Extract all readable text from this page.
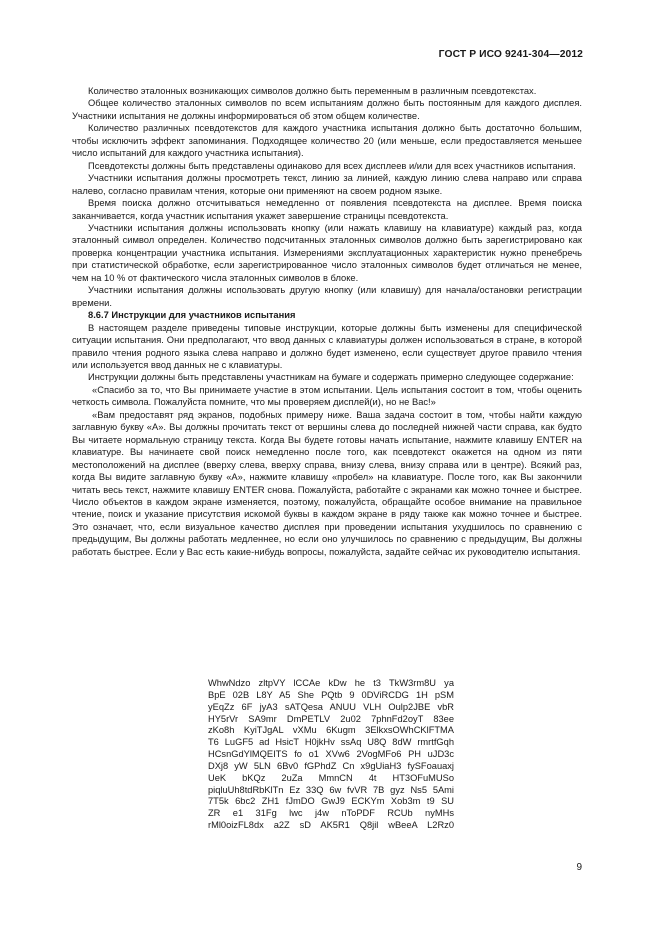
ГОСТ Р ИСО 9241-304—2012

Количество эталонных возникающих символов должно быть переменным в различным псевдотекстах.

Общее количество эталонных символов по всем испытаниям должно быть постоянным для каждого дисплея. Участники испытания не должны информироваться об этом общем количестве.

Количество различных псевдотекстов для каждого участника испытания должно быть достаточно большим, чтобы исключить эффект запоминания. Подходящее количество 20 (или меньше, если предоставляется меньшее число испытаний для каждого участника испытания).

Псевдотексты должны быть представлены одинаково для всех дисплеев и/или для всех участников испытания.

Участники испытания должны просмотреть текст, линию за линией, каждую линию слева направо или справа налево, согласно правилам чтения, которые они применяют на своем родном языке.

Время поиска должно отсчитываться немедленно от появления псевдотекста на дисплее. Время поиска заканчивается, когда участник испытания укажет завершение страницы псевдотекста.

Участники испытания должны использовать кнопку (или нажать клавишу на клавиатуре) каждый раз, когда эталонный символ определен. Количество подсчитанных эталонных символов должно быть зарегистрировано как проверка концентрации участника испытания. Измерениями эксплуатационных характеристик нужно пренебречь при статистической обработке, если зарегистрированное число эталонных символов будет отличаться не менее, чем на 10 % от фактического числа эталонных символов в блоке.

Участники испытания должны использовать другую кнопку (или клавишу) для начала/остановки регистрации времени.

8.6.7 Инструкции для участников испытания

В настоящем разделе приведены типовые инструкции, которые должны быть изменены для специфической ситуации испытания. Они предполагают, что ввод данных с клавиатуры должен использоваться в стране, в которой правило чтения родного языка слева направо и должно будет изменено, если существует другое правило чтения или используется ввод данных не с клавиатуры.

Инструкции должны быть представлены участникам на бумаге и содержать примерно следующее содержание:

«Спасибо за то, что Вы принимаете участие в этом испытании. Цель испытания состоит в том, чтобы оценить четкость символа. Пожалуйста помните, что мы проверяем дисплей(и), но не Вас!»

«Вам предоставят ряд экранов, подобных примеру ниже. Ваша задача состоит в том, чтобы найти каждую заглавную букву «А». Вы должны прочитать текст от вершины слева до последней нижней части справа, как будто Вы читаете нормальную страницу текста. Когда Вы будете готовы начать испытание, нажмите клавишу ENTER на клавиатуре. Вы начинаете свой поиск немедленно после того, как псевдотекст окажется на одном из пяти местоположений на дисплее (вверху слева, вверху справа, внизу слева, внизу справа или в центре). Всякий раз, когда Вы видите заглавную букву «А», нажмите клавишу «пробел» на клавиатуре. После того, как Вы закончили читать весь текст, нажмите клавишу ENTER снова. Пожалуйста, работайте с экранами как можно точнее и быстрее. Число объектов в каждом экране изменяется, поэтому, пожалуйста, обращайте особое внимание на правильное чтение, поиск и указание присутствия искомой буквы в каждом экране в ряду также как можно точнее и быстрее. Это означает, что, если визуальное качество дисплея при проведении испытания ухудшилось по сравнению с предыдущим, Вы должны работать медленнее, но если оно улучшилось по сравнению с предыдущим, Вы должны работать быстрее. Если у Вас есть какие-нибудь вопросы, пожалуйста, задайте сейчас их руководителю испытания.

WhwNdzo zltpVY lCCAe kDw he t3 TkW3rm8U ya
BpE 02B L8Y A5 She PQtb 9 0DViRCDG 1H pSM
yEqZz 6F jyA3 sATQesa ANUU VLH Oulp2JBE vbR
HY5rVr SA9mr DmPETLV 2u02 7phnFd2oyT 83ee
zKo8h KyiTJgAL vXMu 6Kugm 3ElkxsOWhCKlFTMA
T6 LuGF5 ad HsicT H0jkHv ssAq U8Q 8dW rmrtfGqh
HCsnGdYlMQEITS fo o1 XVw6 2VogMFo6 PH uJD3c
DXj8 yW 5LN 6Bv0 fGPhdZ Cn x9gUiaH3 fySFoauaxj
UeK bKQz 2uZa MmnCN 4t HT3OFuMUSo
piqluUh8tdRbKlTn Ez 33Q 6w fvVR 7B gyz Ns5 5Ami
7T5k 6bc2 ZH1 fJmDO GwJ9 ECKYm Xob3m t9 SU
ZR e1 31Fg lwc j4w nToPDF RCUb nyMHs
rMl0oizFL8dx a2Z sD AK5R1 Q8jil wBeeA L2Rz0
9
